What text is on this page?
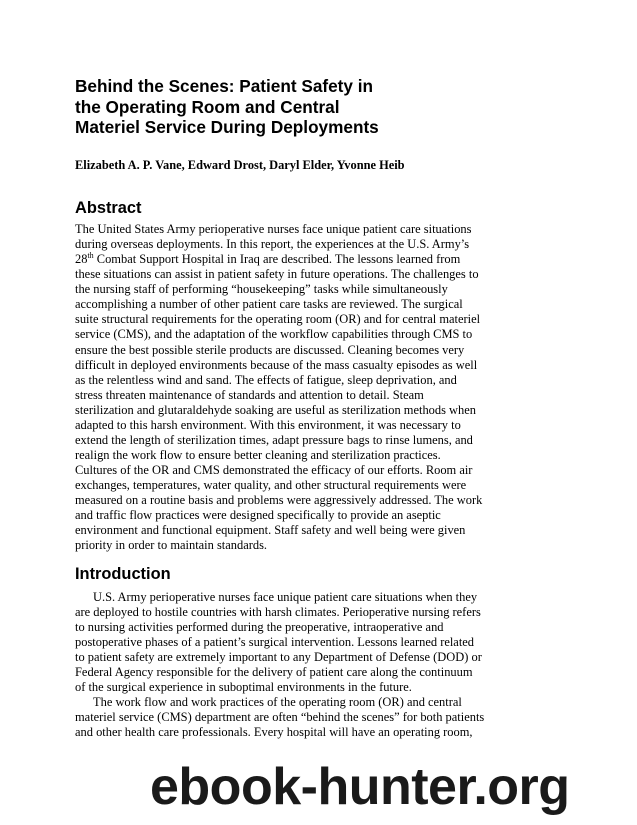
Behind the Scenes: Patient Safety in
the Operating Room and Central
Materiel Service During Deployments

Elizabeth A. P. Vane, Edward Drost, Daryl Elder, Yvonne Heib

Abstract
The United States Army perioperative nurses face unique patient care situations
during overseas deployments. In this report, the experiences at the U.S. Army’s
28th Combat Support Hospital in Iraq are described. The lessons learned from
these situations can assist in patient safety in future operations. The challenges to
the nursing staff of performing “housekeeping” tasks while simultaneously
accomplishing a number of other patient care tasks are reviewed. The surgical
suite structural requirements for the operating room (OR) and for central materiel
service (CMS), and the adaptation of the workflow capabilities through CMS to
ensure the best possible sterile products are discussed. Cleaning becomes very
difficult in deployed environments because of the mass casualty episodes as well
as the relentless wind and sand. The effects of fatigue, sleep deprivation, and
stress threaten maintenance of standards and attention to detail. Steam
sterilization and glutaraldehyde soaking are useful as sterilization methods when
adapted to this harsh environment. With this environment, it was necessary to
extend the length of sterilization times, adapt pressure bags to rinse lumens, and
realign the work flow to ensure better cleaning and sterilization practices.
Cultures of the OR and CMS demonstrated the efficacy of our efforts. Room air
exchanges, temperatures, water quality, and other structural requirements were
measured on a routine basis and problems were aggressively addressed. The work
and traffic flow practices were designed specifically to provide an aseptic
environment and functional equipment. Staff safety and well being were given
priority in order to maintain standards.
Introduction
U.S. Army perioperative nurses face unique patient care situations when they
are deployed to hostile countries with harsh climates. Perioperative nursing refers
to nursing activities performed during the preoperative, intraoperative and
postoperative phases of a patient’s surgical intervention. Lessons learned related
to patient safety are extremely important to any Department of Defense (DOD) or
Federal Agency responsible for the delivery of patient care along the continuum
of the surgical experience in suboptimal environments in the future.
The work flow and work practices of the operating room (OR) and central
materiel service (CMS) department are often “behind the scenes” for both patients
and other health care professionals. Every hospital will have an operating room,
ebook-hunter.org
